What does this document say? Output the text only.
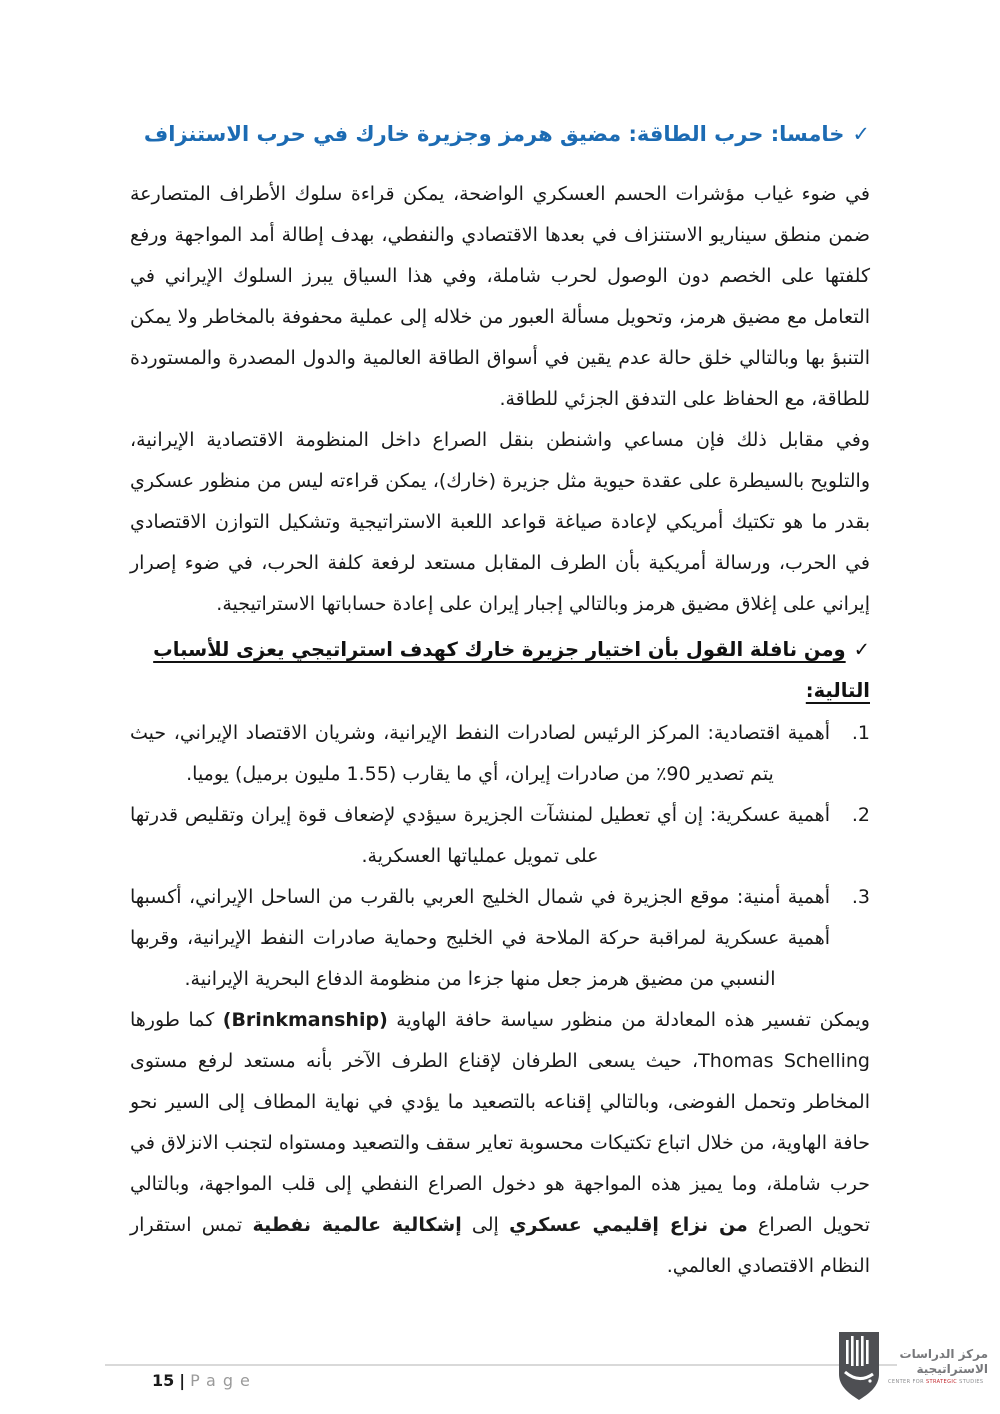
✓خامسا: حرب الطاقة: مضيق هرمز وجزيرة خارك في حرب الاستنزاف

في ضوء غياب مؤشرات الحسم العسكري الواضحة، يمكن قراءة سلوك الأطراف المتصارعة ضمن منطق سيناريو الاستنزاف في بعدها الاقتصادي والنفطي، بهدف إطالة أمد المواجهة ورفع كلفتها على الخصم دون الوصول لحرب شاملة، وفي هذا السياق يبرز السلوك الإيراني في التعامل مع مضيق هرمز، وتحويل مسألة العبور من خلاله إلى عملية محفوفة بالمخاطر ولا يمكن التنبؤ بها وبالتالي خلق حالة عدم يقين في أسواق الطاقة العالمية والدول المصدرة والمستوردة للطاقة، مع الحفاظ على التدفق الجزئي للطاقة.

وفي مقابل ذلك فإن مساعي واشنطن بنقل الصراع داخل المنظومة الاقتصادية الإيرانية، والتلويح بالسيطرة على عقدة حيوية مثل جزيرة (خارك)، يمكن قراءته ليس من منظور عسكري بقدر ما هو تكتيك أمريكي لإعادة صياغة قواعد اللعبة الاستراتيجية وتشكيل التوازن الاقتصادي في الحرب، ورسالة أمريكية بأن الطرف المقابل مستعد لرفعة كلفة الحرب، في ضوء إصرار إيراني على إغلاق مضيق هرمز وبالتالي إجبار إيران على إعادة حساباتها الاستراتيجية.

✓ومن نافلة القول بأن اختيار جزيرة خارك كهدف استراتيجي يعزى للأسباب التالية:
1.
أهمية اقتصادية: المركز الرئيس لصادرات النفط الإيرانية، وشريان الاقتصاد الإيراني، حيث يتم تصدير 90٪ من صادرات إيران، أي ما يقارب (1.55 مليون برميل) يوميا.
2.
أهمية عسكرية: إن أي تعطيل لمنشآت الجزيرة سيؤدي لإضعاف قوة إيران وتقليص قدرتها على تمويل عملياتها العسكرية.
3.
أهمية أمنية: موقع الجزيرة في شمال الخليج العربي بالقرب من الساحل الإيراني، أكسبها أهمية عسكرية لمراقبة حركة الملاحة في الخليج وحماية صادرات النفط الإيرانية، وقربها النسبي من مضيق هرمز جعل منها جزءا من منظومة الدفاع البحرية الإيرانية.

ويمكن تفسير هذه المعادلة من منظور سياسة حافة الهاوية (Brinkmanship) كما طورها Thomas Schelling، حيث يسعى الطرفان لإقناع الطرف الآخر بأنه مستعد لرفع مستوى المخاطر وتحمل الفوضى، وبالتالي إقناعه بالتصعيد ما يؤدي في نهاية المطاف إلى السير نحو حافة الهاوية، من خلال اتباع تكتيكات محسوبة تعاير سقف والتصعيد ومستواه لتجنب الانزلاق في حرب شاملة، وما يميز هذه المواجهة هو دخول الصراع النفطي إلى قلب المواجهة، وبالتالي تحويل الصراع من نزاع إقليمي عسكري إلى إشكالية عالمية نفطية تمس استقرار النظام الاقتصادي العالمي.

15 | Page
مركز الدراسات
الاستراتيجية
CENTER FOR STRATEGIC STUDIES
